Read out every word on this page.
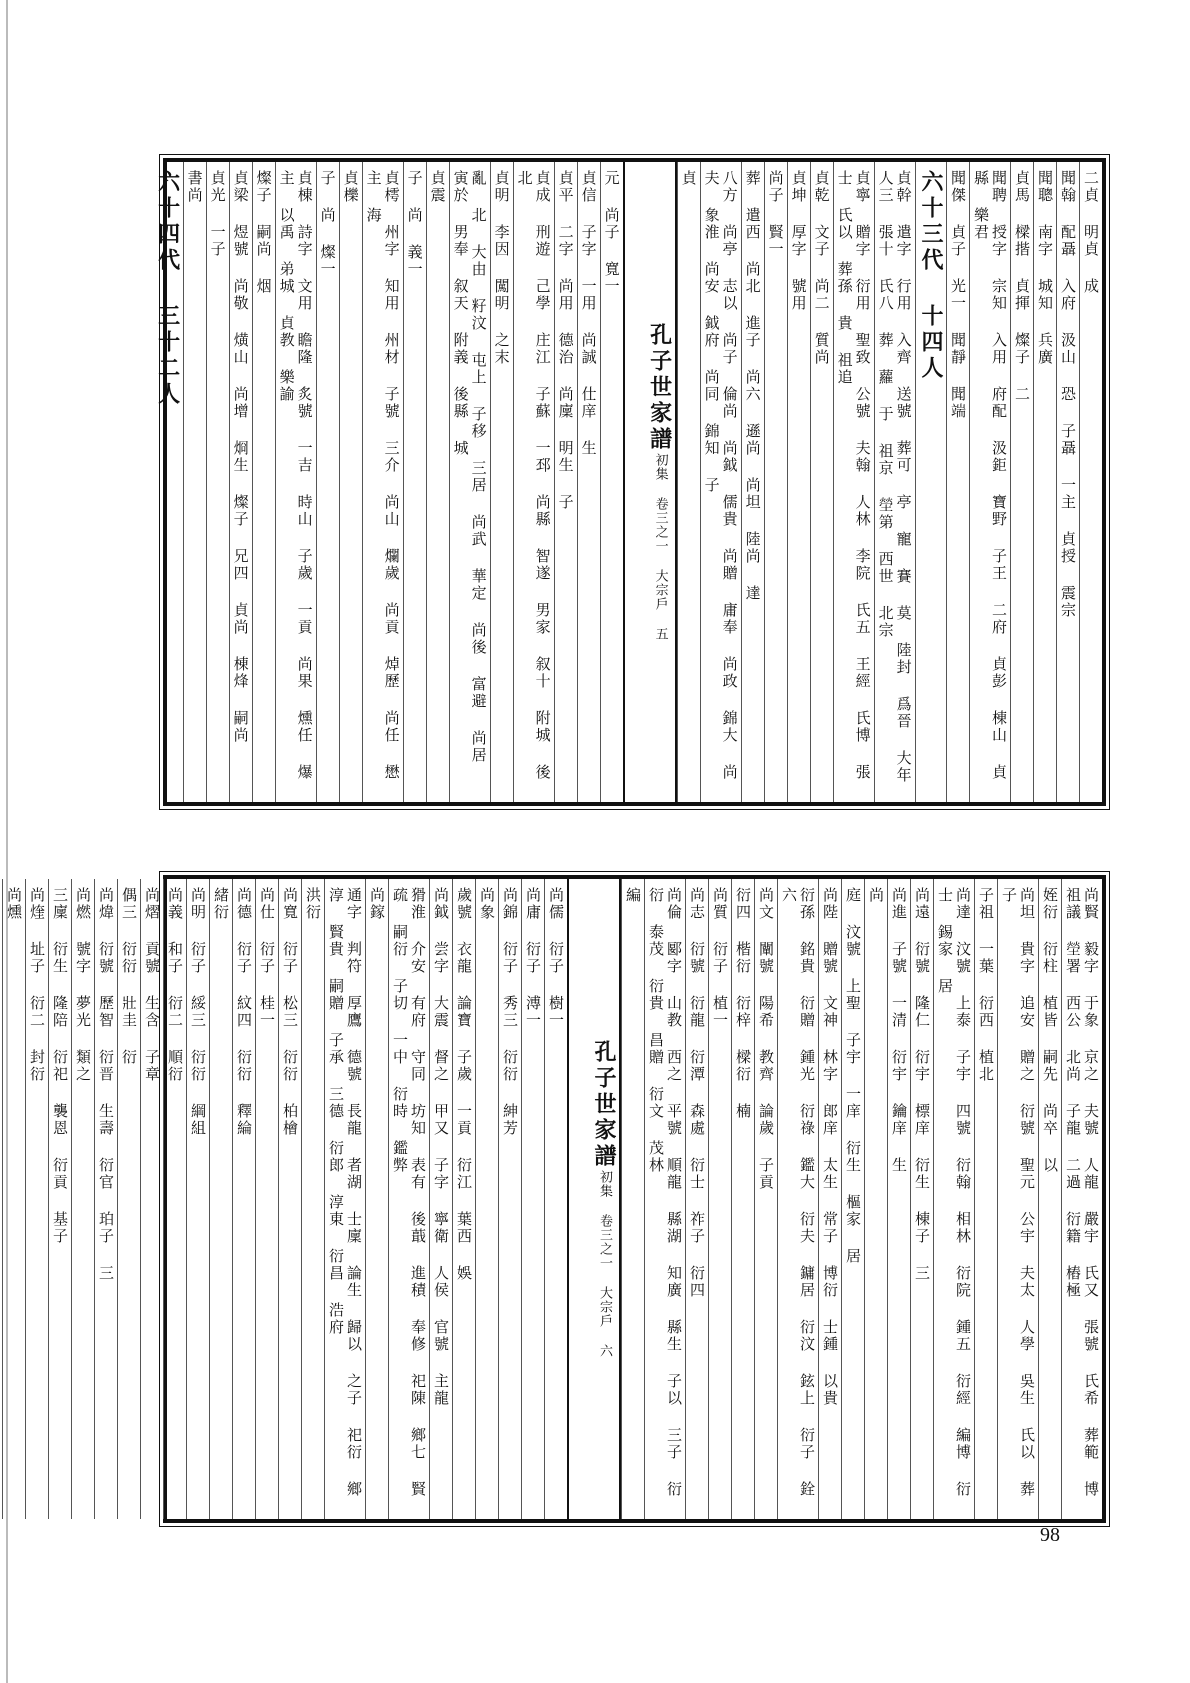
二貞 明貞 成
聞翰 配聶 入府 汲山 恐 子聶 一主 貞授 震宗
聞聰 南字 城知 兵廣
貞馬 樑揩 貞揮 燦子 二
聞聘 授字 宗知 入用 府配 汲鉅 寶野 子王 二府 貞彭 棟山 貞縣 樂君
聞傑 貞子 光一 聞靜 聞端
六十三代 十四人
貞幹 遣字 行用 入齊 送號 葬可 亭 寵 賽 莫 陸封 爲晉 大年 人三 張十 氏八 葬 蘿 于 祖京 塋第 西世 北宗
貞寧 贈字 衍用 聖致 公號 夫翰 人林 李院 氏五 王經 氏博 張士 氏以 葬孫 貴 祖追
貞乾 文子 尚二 質尚
貞坤 厚字 號用
尚子 賢一
葬 遣西 尚北 進子 尚六 遜尚 尚坦 陸尚 達
八方 尚亭 志以 尚子 倫尚 尚鉞 儒貴 尚贈 庸奉 尚政 錦大 尚夫 象淮 尚安 鉞府 尚同 錦知 子
貞
孔子世家譜初集 卷三之一 大宗戶 五
元 尚子 寬一
貞信 子字 一用 尚誠 仕庠 生
貞平 二字 尚用 德治 尚廩 明生 子
貞成 刑遊 己學 庄江 子蘇 一邳 尚縣 智遂 男家 叙十 附城 後北
貞明 李因 闖明 之末
亂 北 大由 籽汶 屯上 子移 三居 尚武 華定 尚後 富避 尚居 寅於 男奉 叙天 附義 後縣 城
貞震
子 尚 義一
貞樗 州字 知用 州材 子號 三介 尚山 爛歲 尚貢 焯歷 尚任 懋主 海
貞櫟
子 尚 燦一
貞棟 詩字 文用 瞻隆 炙號 一吉 時山 子歲 一貢 尚果 燻任 爆主 以禹 弟城 貞教 樂諭
燦子 嗣尚 烟
貞梁 煜號 尚敬 熿山 尚增 烱生 燦子 兄四 貞尚 棟烽 嗣尚
貞光 一子
書尚
六十四代 三十二人
尚賢 毅字 于象 京之 夫號 人龍 嚴宇 氏又 張號 氏希 葬範 博 祖議 塋署 西公 北尚 子龍 二過 衍籍 樁極
姪衍 衍柱 植皆 嗣先 尚卒 以
尚坦 貴字 追安 贈之 衍號 聖元 公宇 夫太 人學 吳生 氏以 葬子
子祖 一葉 衍西 植北
尚達 汶號 上泰 子宇 四號 衍翰 相林 衍院 鍾五 衍經 編博 衍士 錫家 居
尚遠 衍號 隆仁 衍宇 標庠 衍生 棟子 三
尚進 子號 一清 衍宇 鑰庠 生
尚
庭 汶號 上聖 子宇 一庠 衍生 樞家 居
尚陛 贈號 文神 林字 郎庠 太生 常子 博衍 士鍾 以貴
衍孫 銘貴 衍贈 鍾光 衍祿 鑑大 衍夫 鏞居 衍汶 鉉上 衍子 銓六
尚文 闡號 陽希 教齊 論歲 子貢
衍四 楷衍 衍梓 樑衍 楠
尚質 衍子 植一
尚志 衍號 衍龍 衍潭 森處 衍士 祚子 衍四
尚倫 郾字 山教 西之 平號 順龍 縣湖 知廣 縣生 子以 三子 衍衍 泰茂 衍貴 昌贈 衍文 茂林
編
孔子世家譜初集 卷三之一 大宗戶 六
尚儒 衍子 樹一
尚庸 衍子 溥一
尚錦 衍子 秀三 衍衍 紳芳
尚象
歲號 衣龍 論寶 子歲 一貢 衍江 葉西 娛
尚鉞 尝字 大震 督之 甲又 子字 寧衛 人侯 官號 主龍
猾淮 介安 有府 守同 坊知 表有 後蕺 進積 奉修 祀陳 鄉七 賢疏 嗣衍 子切 一中 衍時 鑑弊
尚鎵
通字 判符 厚鷹 德號 長龍 者湖 士廩 論生 歸以 之子 祀衍 鄉淳 賢貴 嗣贈 子承 三德 衍郎 淳東 衍昌 浩府
洪衍
尚寬 衍子 松三 衍衍 柏檜
尚仕 衍子 桂一
尚德 衍子 紋四 衍衍 釋綸
緒衍
尚明 衍子 綏三 衍衍 綱組
尚義 和子 衍二 順衍
尚熠 貢號 生含 子章
偶三 衍衍 壯圭 衍
尚煒 衍號 歷智 衍晋 生壽 衍官 珀子 三
尚燃 號字 夢光 類之
三廩 衍生 隆陪 衍祀 襲恩 衍貢 基子
尚煃 址子 衍二 封衍
尚燻
98
